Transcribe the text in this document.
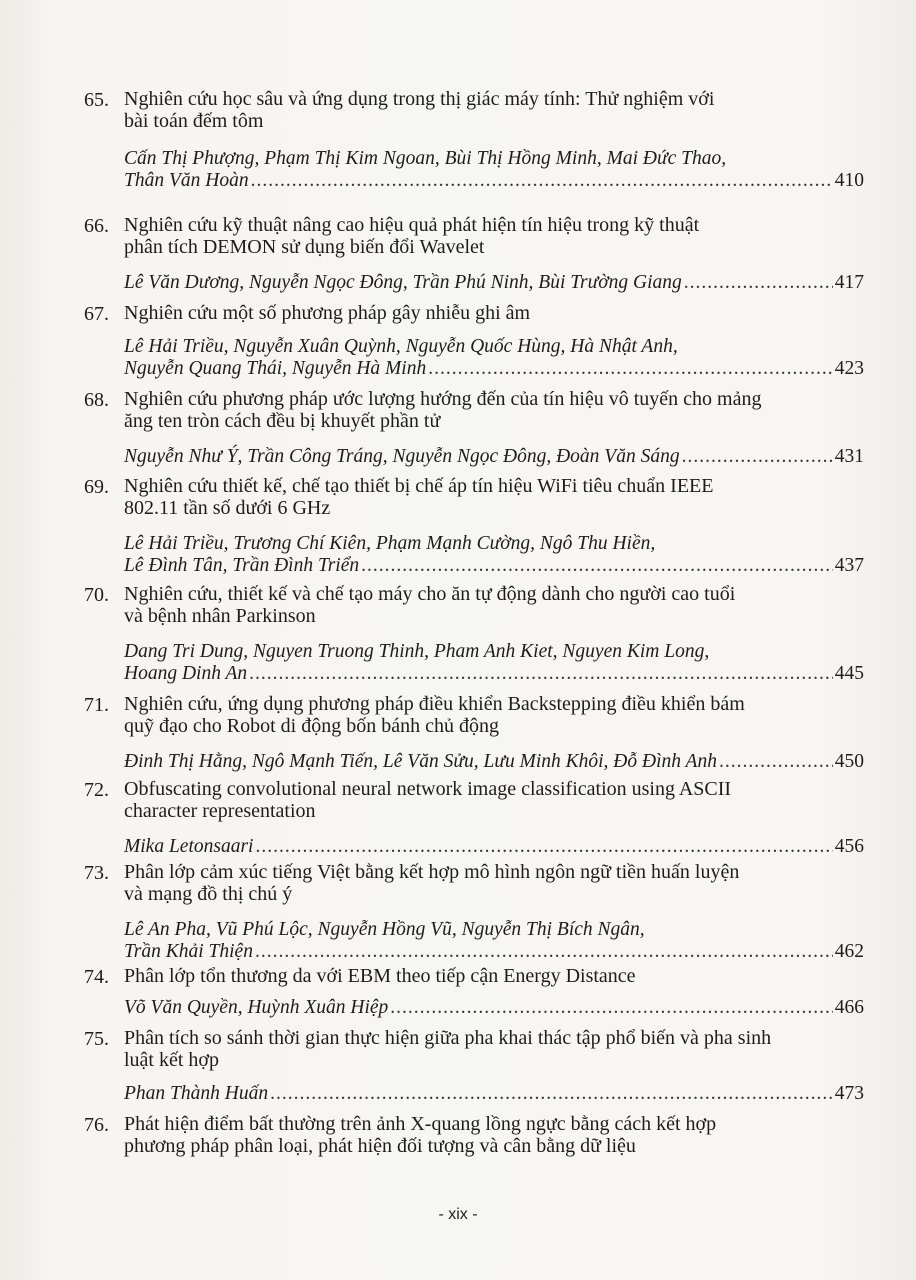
65. Nghiên cứu học sâu và ứng dụng trong thị giác máy tính: Thử nghiệm với
bài toán đếm tôm
Cấn Thị Phượng, Phạm Thị Kim Ngoan, Bùi Thị Hồng Minh, Mai Đức Thao,
Thân Văn Hoàn .....	410
66. Nghiên cứu kỹ thuật nâng cao hiệu quả phát hiện tín hiệu trong kỹ thuật
phân tích DEMON sử dụng biến đổi Wavelet
Lê Văn Dương, Nguyễn Ngọc Đông, Trần Phú Ninh, Bùi Trường Giang .....	417
67. Nghiên cứu một số phương pháp gây nhiễu ghi âm
Lê Hải Triều, Nguyễn Xuân Quỳnh, Nguyễn Quốc Hùng, Hà Nhật Anh,
Nguyễn Quang Thái, Nguyễn Hà Minh .....	423
68. Nghiên cứu phương pháp ước lượng hướng đến của tín hiệu vô tuyến cho mảng
ăng ten tròn cách đều bị khuyết phần tử
Nguyễn Như Ý, Trần Công Tráng, Nguyễn Ngọc Đông, Đoàn Văn Sáng .....	431
69. Nghiên cứu thiết kế, chế tạo thiết bị chế áp tín hiệu WiFi tiêu chuẩn IEEE
802.11 tần số dưới 6 GHz
Lê Hải Triều, Trương Chí Kiên, Phạm Mạnh Cường, Ngô Thu Hiền,
Lê Đình Tân, Trần Đình Triển .....	437
70. Nghiên cứu, thiết kế và chế tạo máy cho ăn tự động dành cho người cao tuổi
và bệnh nhân Parkinson
Dang Tri Dung, Nguyen Truong Thinh, Pham Anh Kiet, Nguyen Kim Long,
Hoang Dinh An .....	445
71. Nghiên cứu, ứng dụng phương pháp điều khiển Backstepping điều khiển bám
quỹ đạo cho Robot di động bốn bánh chủ động
Đinh Thị Hằng, Ngô Mạnh Tiến, Lê Văn Sửu, Lưu Minh Khôi, Đỗ Đình Anh .....	450
72. Obfuscating convolutional neural network image classification using ASCII
character representation
Mika Letonsaari .....	456
73. Phân lớp cảm xúc tiếng Việt bằng kết hợp mô hình ngôn ngữ tiền huấn luyện
và mạng đồ thị chú ý
Lê An Pha, Vũ Phú Lộc, Nguyễn Hồng Vũ, Nguyễn Thị Bích Ngân,
Trần Khải Thiện .....	462
74. Phân lớp tổn thương da với EBM theo tiếp cận Energy Distance
Võ Văn Quyền, Huỳnh Xuân Hiệp .....	466
75. Phân tích so sánh thời gian thực hiện giữa pha khai thác tập phổ biến và pha sinh
luật kết hợp
Phan Thành Huấn .....	473
76. Phát hiện điểm bất thường trên ảnh X-quang lồng ngực bằng cách kết hợp
phương pháp phân loại, phát hiện đối tượng và cân bằng dữ liệu
- xix -
